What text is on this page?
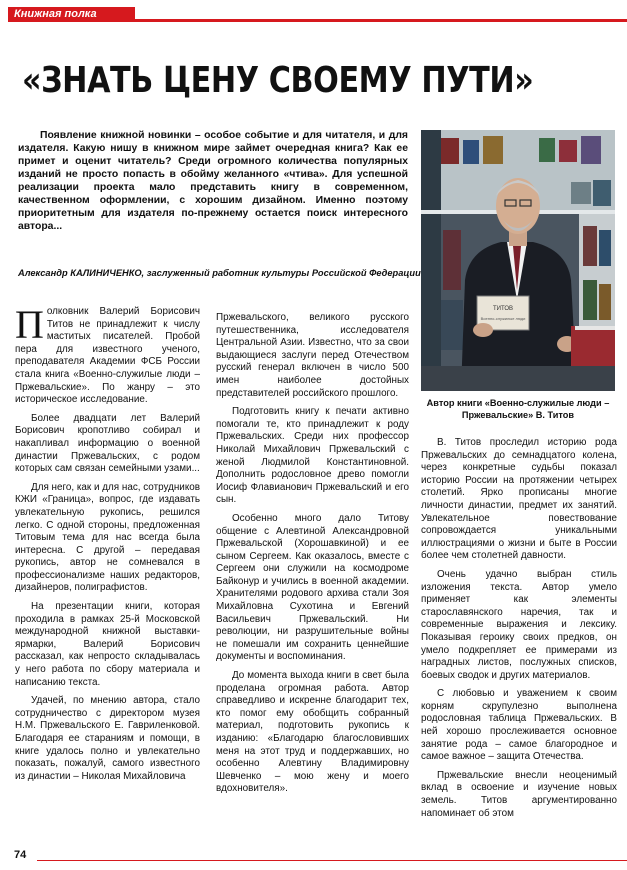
Книжная полка
«ЗНАТЬ ЦЕНУ СВОЕМУ ПУТИ»

Появление книжной новинки – особое событие и для читателя, и для издателя. Какую нишу в книжном мире займет очередная книга? Как ее примет и оценит читатель? Среди огромного количества популярных изданий не просто попасть в обойму желанного «чтива». Для успешной реализации проекта мало представить книгу в современном, качественном оформлении, с хорошим дизайном. Именно поэтому приоритетным для издателя по-прежнему остается поиск интересного автора...

Александр КАЛИНИЧЕНКО, заслуженный работник культуры Российской Федерации

ТИТОВ
Военно-служилые люди

Автор книги «Военно-служилые люди – Пржевальские» В. Титов

Полковник Валерий Борисович Титов не принадлежит к числу маститых писателей. Пробой пера для известного ученого, преподавателя Академии ФСБ России стала книга «Военно-служилые люди – Пржевальские». По жанру – это историческое исследование.

Более двадцати лет Валерий Борисович кропотливо собирал и накапливал информацию о военной династии Пржевальских, с родом которых сам связан семейными узами...

Для него, как и для нас, сотрудников КЖИ «Граница», вопрос, где издавать увлекательную рукопись, решился легко. С одной стороны, предложенная Титовым тема для нас всегда была интересна. С другой – передавая рукопись, автор не сомневался в профессионализме наших редакторов, дизайнеров, полиграфистов.

На презентации книги, которая проходила в рамках 25-й Московской международной книжной выставки-ярмарки, Валерий Борисович рассказал, как непросто складывалась у него работа по сбору материала и написанию текста.

Удачей, по мнению автора, стало сотрудничество с директором музея Н.М. Пржевальского Е. Гавриленковой. Благодаря ее стараниям и помощи, в книге удалось полно и увлекательно показать, пожалуй, самого известного из династии – Николая Михайловича

Пржевальского, великого русского путешественника, исследователя Центральной Азии. Известно, что за свои выдающиеся заслуги перед Отечеством русский генерал включен в число 500 имен наиболее достойных представителей российского прошлого.

Подготовить книгу к печати активно помогали те, кто принадлежит к роду Пржевальских. Среди них профессор Николай Михайлович Пржевальский с женой Людмилой Константиновной. Дополнить родословное древо помогли Иосиф Флавианович Пржевальский и его сын.

Особенно много дало Титову общение с Алевтиной Александровной Пржевальской (Хорошавкиной) и ее сыном Сергеем. Как оказалось, вместе с Сергеем они служили на космодроме Байконур и учились в военной академии. Хранителями родового архива стали Зоя Михайловна Сухотина и Евгений Васильевич Пржевальский. Ни революции, ни разрушительные войны не помешали им сохранить ценнейшие документы и воспоминания.

До момента выхода книги в свет была проделана огромная работа. Автор справедливо и искренне благодарит тех, кто помог ему обобщить собранный материал, подготовить рукопись к изданию: «Благодарю благословивших меня на этот труд и поддержавших, но особенно Алевтину Владимировну Шевченко – мою жену и моего вдохновителя».

В. Титов проследил историю рода Пржевальских до семнадцатого колена, через конкретные судьбы показал историю России на протяжении четырех столетий. Ярко прописаны многие личности династии, предмет их занятий. Увлекательное повествование сопровождается уникальными иллюстрациями о жизни и быте в России более чем столетней давности.

Очень удачно выбран стиль изложения текста. Автор умело применяет как элементы старославянского наречия, так и современные выражения и лексику. Показывая героику своих предков, он умело подкрепляет ее примерами из наградных листов, послужных списков, боевых сводок и других материалов.

С любовью и уважением к своим корням скрупулезно выполнена родословная таблица Пржевальских. В ней хорошо прослеживается основное занятие рода – самое благородное и самое важное – защита Отечества.

Пржевальские внесли неоценимый вклад в освоение и изучение новых земель. Титов аргументированно напоминает об этом

74
